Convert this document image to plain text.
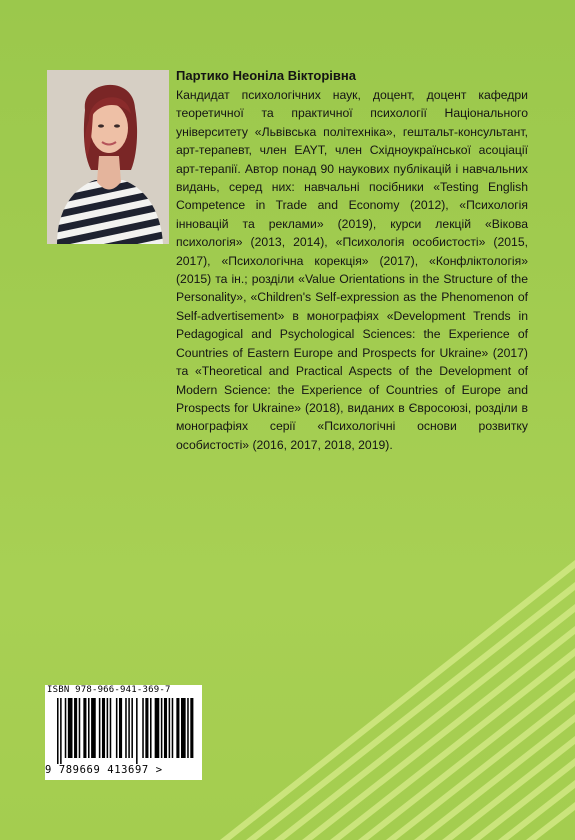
Партико Неоніла Вікторівна
Кандидат психологічних наук, доцент, доцент кафедри теоретичної та практичної психології Національного університету «Львівська політехніка», гештальт-консультант, арт-терапевт, член EAYT, член Східноукраїнської асоціації арт-терапії. Автор понад 90 наукових публікацій і навчальних видань, серед них: навчальні посібники «Testing English Competence in Trade and Economy (2012), «Психологія інновацій та реклами» (2019), курси лекцій «Вікова психологія» (2013, 2014), «Психологія особистості» (2015, 2017), «Психологічна корекція» (2017), «Конфліктологія» (2015) та ін.; розділи «Value Orientations in the Structure of the Personality», «Children's Self-expression as the Phenomenon of Self-advertisement» в монографіях «Development Trends in Pedagogical and Psychological Sciences: the Experience of Countries of Eastern Europe and Prospects for Ukraine» (2017) та «Theoretical and Practical Aspects of the Development of Modern Science: the Experience of Countries of Europe and Prospects for Ukraine» (2018), виданих в Євросоюзі, розділи в монографіях серії «Психологічні основи розвитку особистості» (2016, 2017, 2018, 2019).
ISBN 978-966-941-369-7
9 789669 413697 >
